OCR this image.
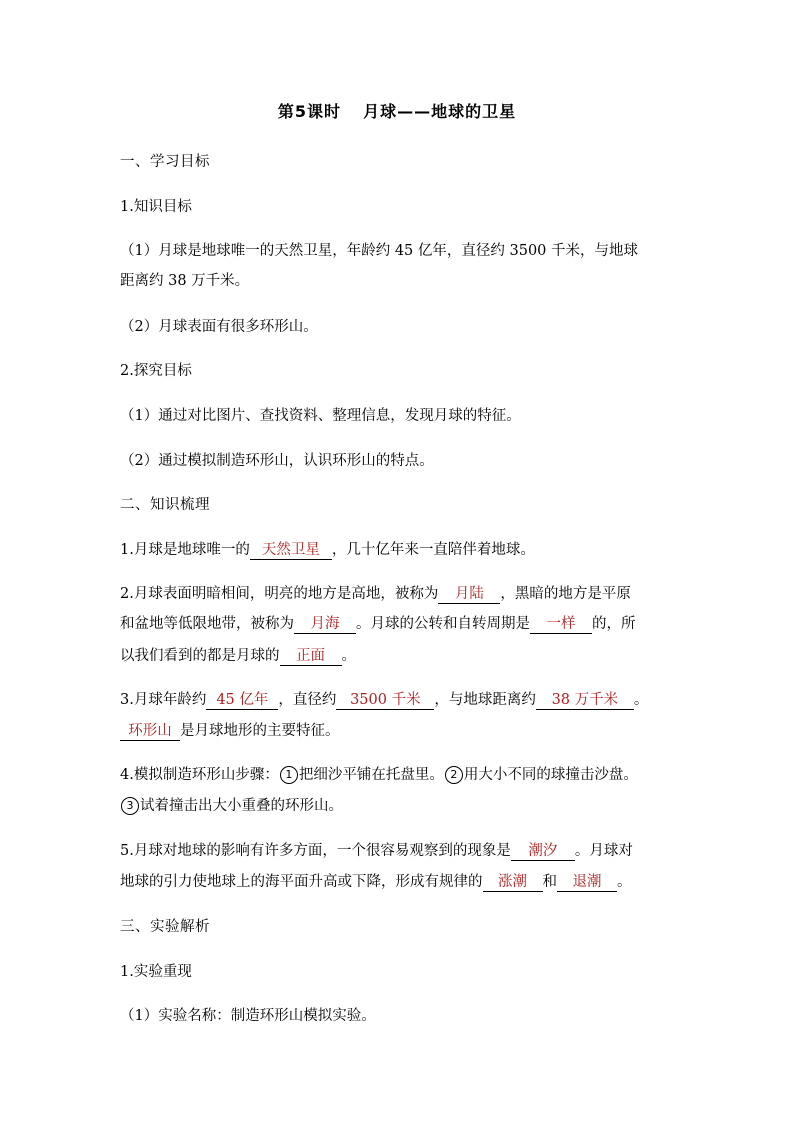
第5课时 月球——地球的卫星
一、学习目标
1.知识目标
（1）月球是地球唯一的天然卫星，年龄约 45 亿年，直径约 3500 千米，与地球
距离约 38 万千米。
（2）月球表面有很多环形山。
2.探究目标
（1）通过对比图片、查找资料、整理信息，发现月球的特征。
（2）通过模拟制造环形山，认识环形山的特点。
二、知识梳理
1.月球是地球唯一的 天然卫星 ，几十亿年来一直陪伴着地球。
2.月球表面明暗相间，明亮的地方是高地，被称为 月陆 ，黑暗的地方是平原
和盆地等低限地带，被称为 月海 。月球的公转和自转周期是 一样 的，所
以我们看到的都是月球的 正面 。
3.月球年龄约 45 亿年 ，直径约 3500 千米 ，与地球距离约 38 万千米 。
环形山 是月球地形的主要特征。
4.模拟制造环形山步骤： 1 把细沙平铺在托盘里。 2 用大小不同的球撞击沙盘。
3 试着撞击出大小重叠的环形山。
5.月球对地球的影响有许多方面，一个很容易观察到的现象是 潮汐 。月球对
地球的引力使地球上的海平面升高或下降，形成有规律的 涨潮 和 退潮 。
三、实验解析
1.实验重现
（1）实验名称：制造环形山模拟实验。
